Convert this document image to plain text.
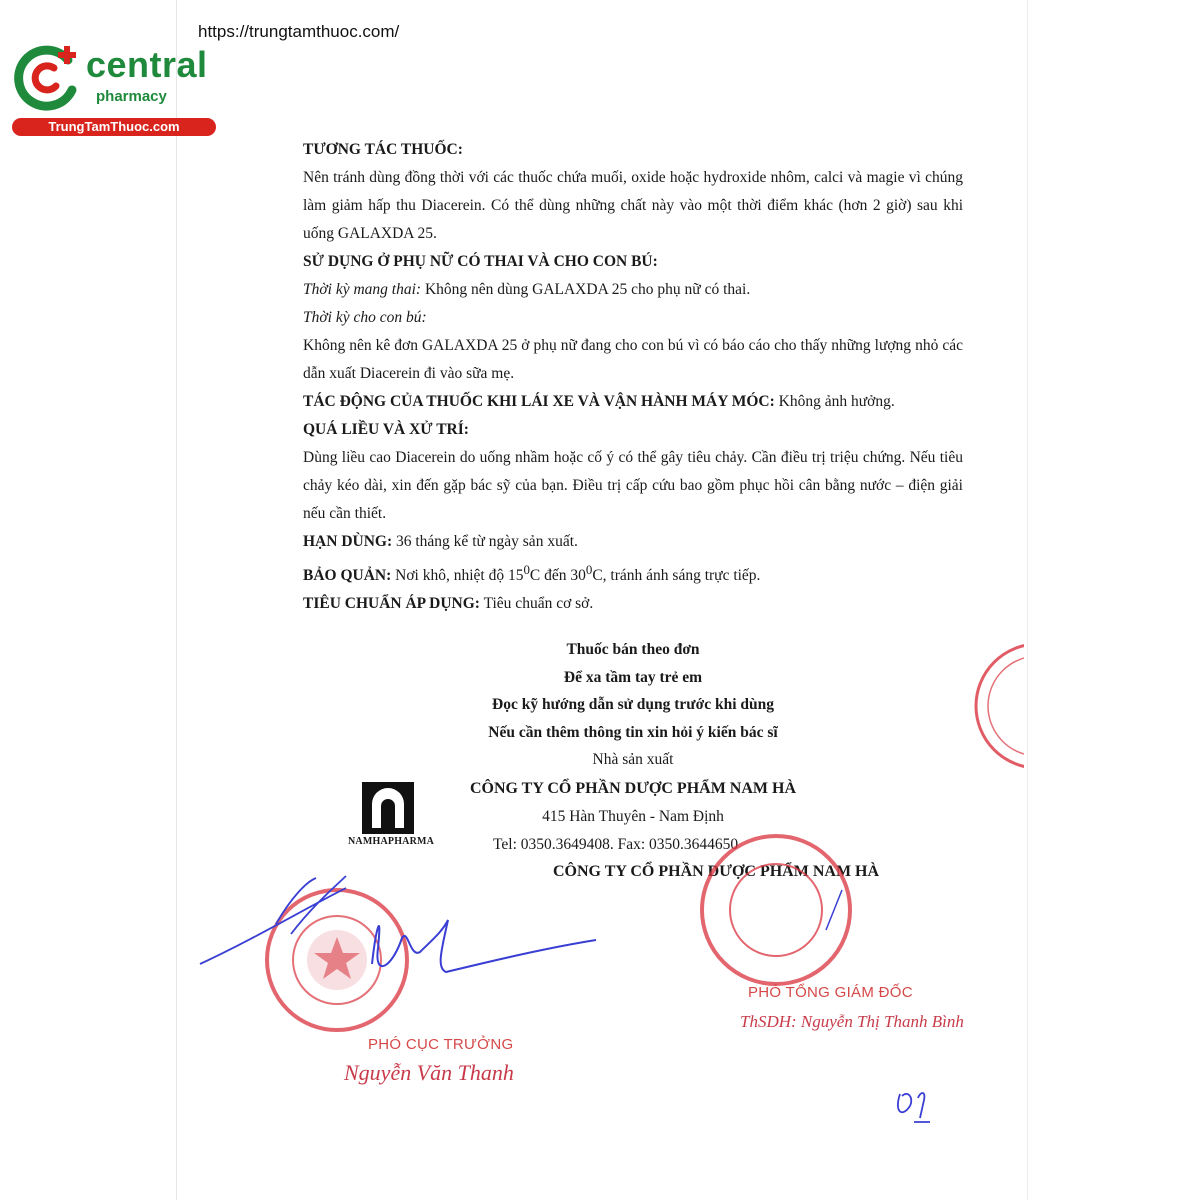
https://trungtamthuoc.com/
central
pharmacy
TrungTamThuoc.com

TƯƠNG TÁC THUỐC:

Nên tránh dùng đồng thời với các thuốc chứa muối, oxide hoặc hydroxide nhôm, calci và magie vì chúng làm giảm hấp thu Diacerein. Có thể dùng những chất này vào một thời điểm khác (hơn 2 giờ) sau khi uống GALAXDA 25.

SỬ DỤNG Ở PHỤ NỮ CÓ THAI VÀ CHO CON BÚ:

Thời kỳ mang thai: Không nên dùng GALAXDA 25 cho phụ nữ có thai.

Thời kỳ cho con bú:

Không nên kê đơn GALAXDA 25 ở phụ nữ đang cho con bú vì có báo cáo cho thấy những lượng nhỏ các dẫn xuất Diacerein đi vào sữa mẹ.

TÁC ĐỘNG CỦA THUỐC KHI LÁI XE VÀ VẬN HÀNH MÁY MÓC: Không ảnh hưởng.

QUÁ LIỀU VÀ XỬ TRÍ:

Dùng liều cao Diacerein do uống nhầm hoặc cố ý có thể gây tiêu chảy. Cần điều trị triệu chứng. Nếu tiêu chảy kéo dài, xin đến gặp bác sỹ của bạn. Điều trị cấp cứu bao gồm phục hồi cân bằng nước – điện giải nếu cần thiết.

HẠN DÙNG: 36 tháng kể từ ngày sản xuất.

BẢO QUẢN: Nơi khô, nhiệt độ $15^0C$ đến $30^0C$, tránh ánh sáng trực tiếp.

TIÊU CHUẨN ÁP DỤNG: Tiêu chuẩn cơ sở.

Thuốc bán theo đơn
Để xa tầm tay trẻ em
Đọc kỹ hướng dẫn sử dụng trước khi dùng
Nếu cần thêm thông tin xin hỏi ý kiến bác sĩ
Nhà sản xuất
NAMHAPHARMA
CÔNG TY CỔ PHẦN DƯỢC PHẨM NAM HÀ
415 Hàn Thuyên - Nam Định
Tel: 0350.3649408. Fax: 0350.3644650
CÔNG TY CỔ PHẦN DƯỢC PHẨM NAM HÀ
PHÓ CỤC TRƯỞNG
Nguyễn Văn Thanh
PHÓ TỔNG GIÁM ĐỐC
ThSDH: Nguyễn Thị Thanh Bình
